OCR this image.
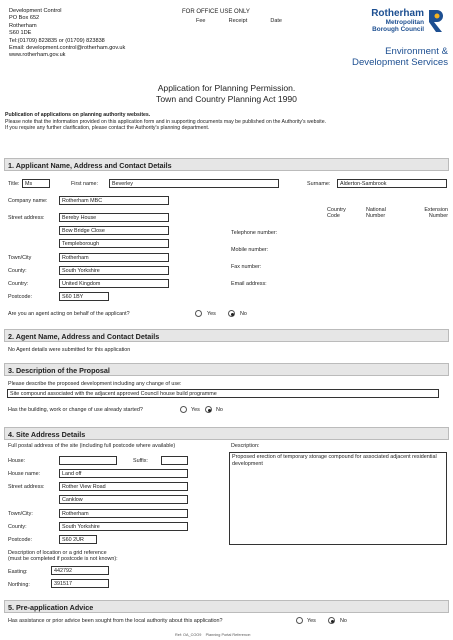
Development Control
PO Box 652
Rotherham
S60 1DE
Tel:(01709) 823835 or (01709) 823838
Email: development.control@rotherham.gov.uk
www.rotherham.gov.uk
FOR OFFICE USE ONLY
Fee	Receipt	Date
Rotherham
Metropolitan
Borough Council
Environment &
Development Services
Application for Planning Permission.
Town and Country Planning Act 1990
Publication of applications on planning authority websites.
Please note that the information provided on this application form and in supporting documents may be published on the Authority's website.
If you require any further clarification, please contact the Authority's planning department.
1. Applicant Name, Address and Contact Details
Title:	Ms	First name:	Beverley	Surname:	Alderton-Sambrook
Company name:	Rotherham MBC
Street address:	Bereby House
Bow Bridge Close
Templeborough
Town/City	Rotherham
County:	South Yorkshire
Country:	United Kingdom
Postcode:	S60 1BY
Country Code
National Number
Extension Number
Telephone number:
Mobile number:
Fax number:
Email address:
Are you an agent acting on behalf of the applicant?	Yes	No
2. Agent Name, Address and Contact Details
No Agent details were submitted for this application
3. Description of the Proposal
Please describe the proposed development including any change of use:
Site compound associated with the adjacent approved Council house build programme
Has the building, work or change of use already started?	Yes	No
4. Site Address Details
Full postal address of the site (including full postcode where available)
House:	Suffix:
House name:	Land off
Street address:	Rother View Road
Canklow
Town/City:	Rotherham
County:	South Yorkshire
Postcode:	S60 2UR
Description:
Proposed erection of temporary storage compound for associated adjacent residential development
Description of location or a grid reference
(must be completed if postcode is not known):
Easting:	442792
Northing:	391517
5. Pre-application Advice
Has assistance or prior advice been sought from the local authority about this application?	Yes	No
Ref: OA_COO9 Planning Portal Reference:
